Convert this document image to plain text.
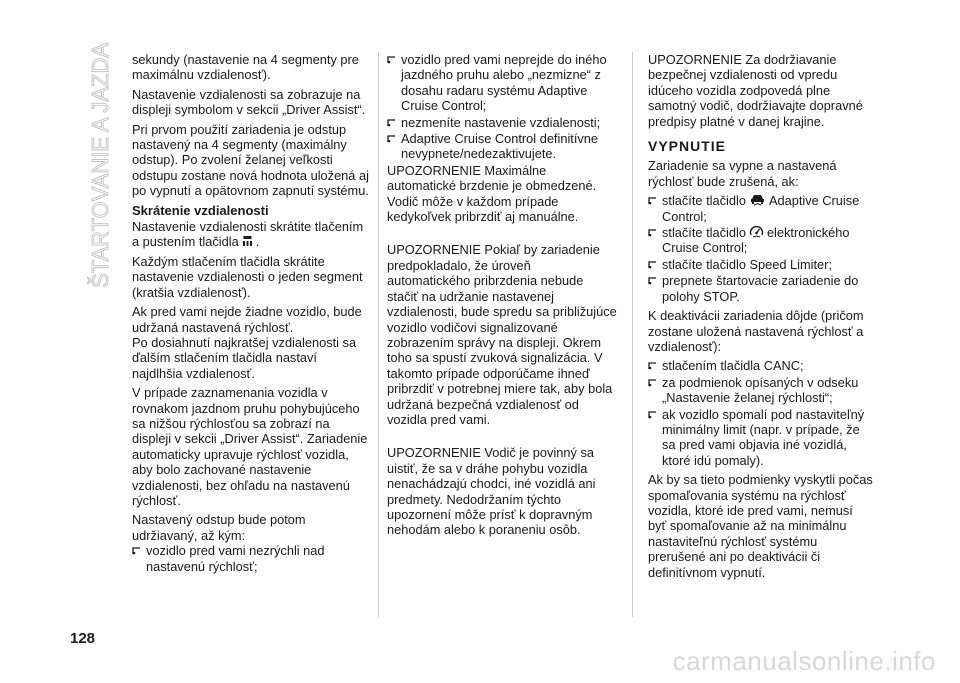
ŠTARTOVANIE A JAZDA sekundy (nastavenie na 4 segmenty pre maximálnu vzdialenosť).

Nastavenie vzdialenosti sa zobrazuje na displeji symbolom v sekcii „Driver Assist“.

Pri prvom použití zariadenia je odstup nastavený na 4 segmenty (maximálny odstup). Po zvolení želanej veľkosti odstupu zostane nová hodnota uložená aj po vypnutí a opätovnom zapnutí systému.

Skrátenie vzdialenosti

Nastavenie vzdialenosti skrátite tlačením a pustením tlačidla .

Každým stlačením tlačidla skrátite nastavenie vzdialenosti o jeden segment (kratšia vzdialenosť).

Ak pred vami nejde žiadne vozidlo, bude udržaná nastavená rýchlosť.

Po dosiahnutí najkratšej vzdialenosti sa ďalším stlačením tlačidla nastaví najdlhšia vzdialenosť.

V prípade zaznamenania vozidla v rovnakom jazdnom pruhu pohybujúceho sa nižšou rýchlosťou sa zobrazí na displeji v sekcii „Driver Assist“. Zariadenie automaticky upravuje rýchlosť vozidla, aby bolo zachované nastavenie vzdialenosti, bez ohľadu na nastavenú rýchlosť.

Nastavený odstup bude potom udržiavaný, až kým:

vozidlo pred vami nezrýchli nad nastavenú rýchlosť;
vozidlo pred vami neprejde do iného jazdného pruhu alebo „nezmizne“ z dosahu radaru systému Adaptive Cruise Control;
nezmeníte nastavenie vzdialenosti;
Adaptive Cruise Control definitívne nevypnete/nedezaktivujete.

UPOZORNENIE Maximálne automatické brzdenie je obmedzené. Vodič môže v každom prípade kedykoľvek pribrzdiť aj manuálne.

UPOZORNENIE Pokiaľ by zariadenie predpokladalo, že úroveň automatického pribrzdenia nebude stačiť na udržanie nastavenej vzdialenosti, bude spredu sa približujúce vozidlo vodičovi signalizované zobrazením správy na displeji. Okrem toho sa spustí zvuková signalizácia. V takomto prípade odporúčame ihneď pribrzdiť v potrebnej miere tak, aby bola udržaná bezpečná vzdialenosť od vozidla pred vami.

UPOZORNENIE Vodič je povinný sa uistiť, že sa v dráhe pohybu vozidla nenachádzajú chodci, iné vozidlá ani predmety. Nedodržaním týchto upozornení môže prísť k dopravným nehodám alebo k poraneniu osôb.

UPOZORNENIE Za dodržiavanie bezpečnej vzdialenosti od vpredu idúceho vozidla zodpovedá plne samotný vodič, dodržiavajte dopravné predpisy platné v danej krajine.

VYPNUTIE

Zariadenie sa vypne a nastavená rýchlosť bude zrušená, ak:

stlačíte tlačidlo Adaptive Cruise Control;
stlačíte tlačidlo elektronického Cruise Control;
stlačíte tlačidlo Speed Limiter;
prepnete štartovacie zariadenie do polohy STOP.

K deaktivácii zariadenia dôjde (pričom zostane uložená nastavená rýchlosť a vzdialenosť):

stlačením tlačidla CANC;
za podmienok opísaných v odseku „Nastavenie želanej rýchlosti“;
ak vozidlo spomalí pod nastaviteľný minimálny limit (napr. v prípade, že sa pred vami objavia iné vozidlá, ktoré idú pomaly).

Ak by sa tieto podmienky vyskytli počas spomaľovania systému na rýchlosť vozidla, ktoré ide pred vami, nemusí byť spomaľovanie až na minimálnu nastaviteľnú rýchlosť systému prerušené ani po deaktivácii či definitívnom vypnutí.

128
carmanualsonline.info
